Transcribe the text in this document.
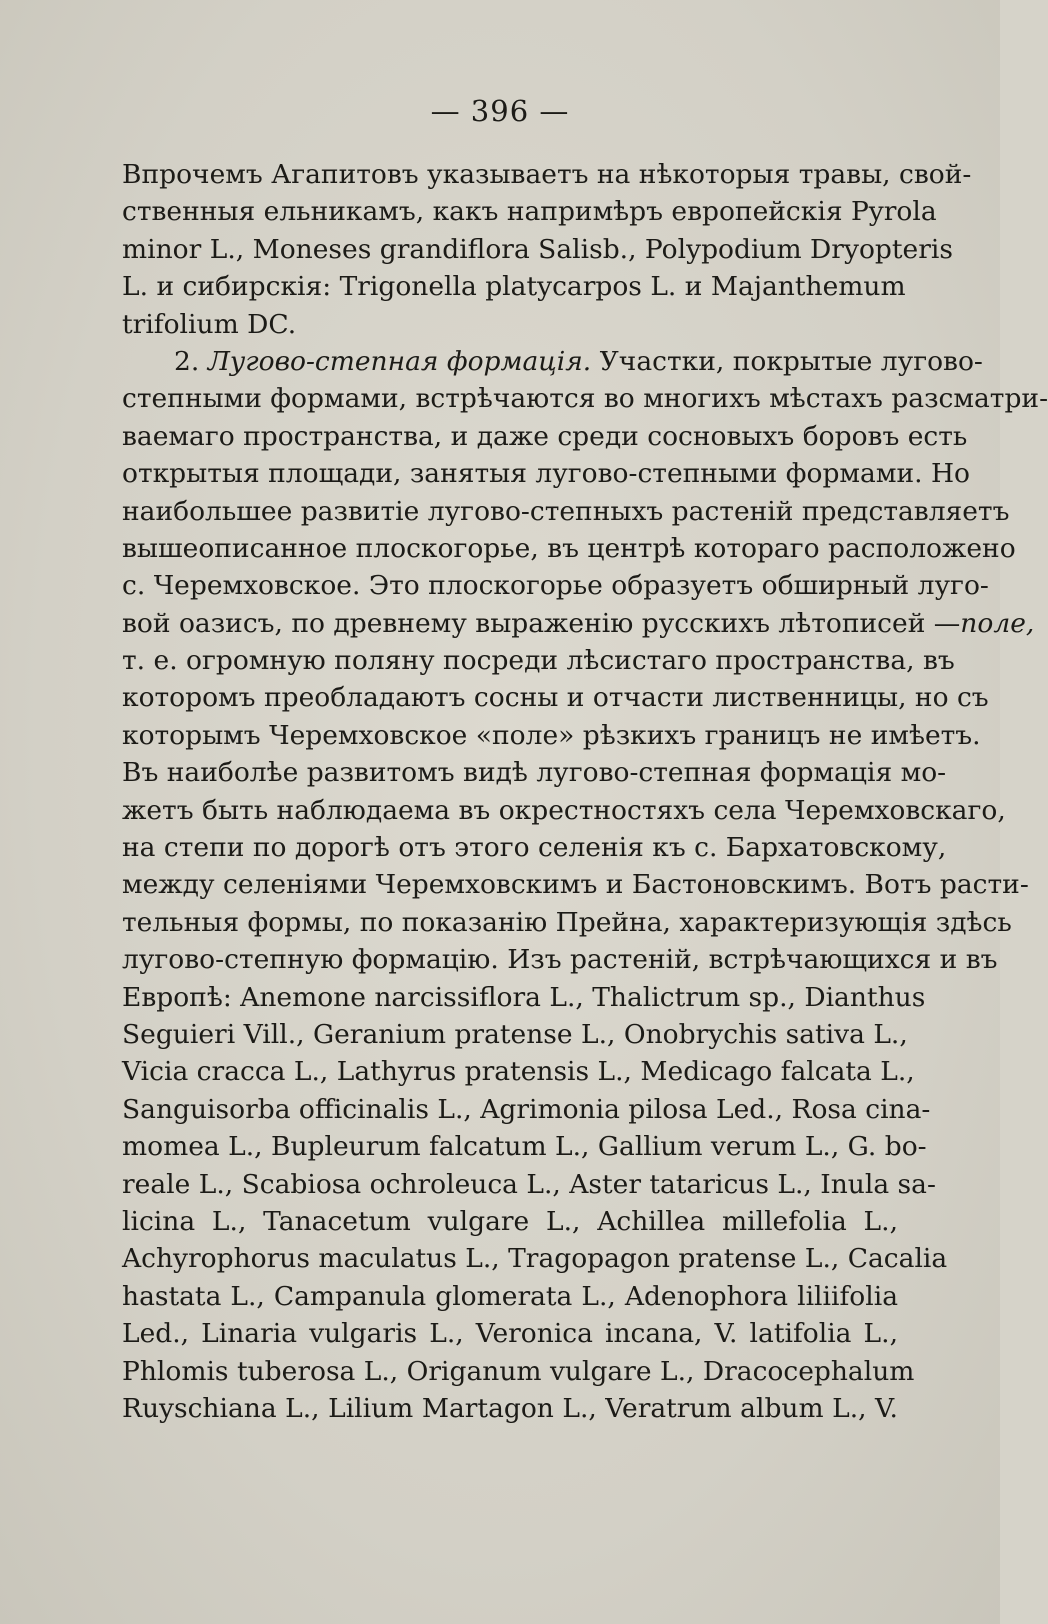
— 396 —
Впрочемъ Агапитовъ указываетъ на нѣкоторыя травы, свой-
ственныя ельникамъ, какъ напримѣръ европейскія Pyrola
minor L., Moneses grandiflora Salisb., Polypodium Dryopteris
L. и сибирскія: Trigonella platycarpos L. и Majanthemum
trifolium DC.
2. Лугово-степная формація. Участки, покрытые лугово-
степными формами, встрѣчаются во многихъ мѣстахъ разсматри-
ваемаго пространства, и даже среди сосновыхъ боровъ есть
открытыя площади, занятыя лугово-степными формами. Но
наибольшее развитіе лугово-степныхъ растеній представляетъ
вышеописанное плоскогорье, въ центрѣ котораго расположено
с. Черемховское. Это плоскогорье образуетъ обширный луго-
вой оазисъ, по древнему выраженію русскихъ лѣтописей —поле,
т. е. огромную поляну посреди лѣсистаго пространства, въ
которомъ преобладаютъ сосны и отчасти лиственницы, но съ
которымъ Черемховское «поле» рѣзкихъ границъ не имѣетъ.
Въ наиболѣе развитомъ видѣ лугово-степная формація мо-
жетъ быть наблюдаема въ окрестностяхъ села Черемховскаго,
на степи по дорогѣ отъ этого селенія къ с. Бархатовскому,
между селеніями Черемховскимъ и Бастоновскимъ. Вотъ расти-
тельныя формы, по показанію Прейна, характеризующія здѣсь
лугово-степную формацію. Изъ растеній, встрѣчающихся и въ
Европѣ: Anemone narcissiflora L., Thalictrum sp., Dianthus
Seguieri Vill., Geranium pratense L., Onobrychis sativa L.,
Vicia cracca L., Lathyrus pratensis L., Medicago falcata L.,
Sanguisorba officinalis L., Agrimonia pilosa Led., Rosa cina-
momea L., Bupleurum falcatum L., Gallium verum L., G. bo-
reale L., Scabiosa ochroleuca L., Aster tataricus L., Inula sa-
licina L., Tanacetum vulgare L., Achillea millefolia L.,
Achyrophorus maculatus L., Tragopagon pratense L., Cacalia
hastata L., Campanula glomerata L., Adenophora liliifolia
Led., Linaria vulgaris L., Veronica incana, V. latifolia L.,
Phlomis tuberosa L., Origanum vulgare L., Dracocephalum
Ruyschiana L., Lilium Martagon L., Veratrum album L., V.
